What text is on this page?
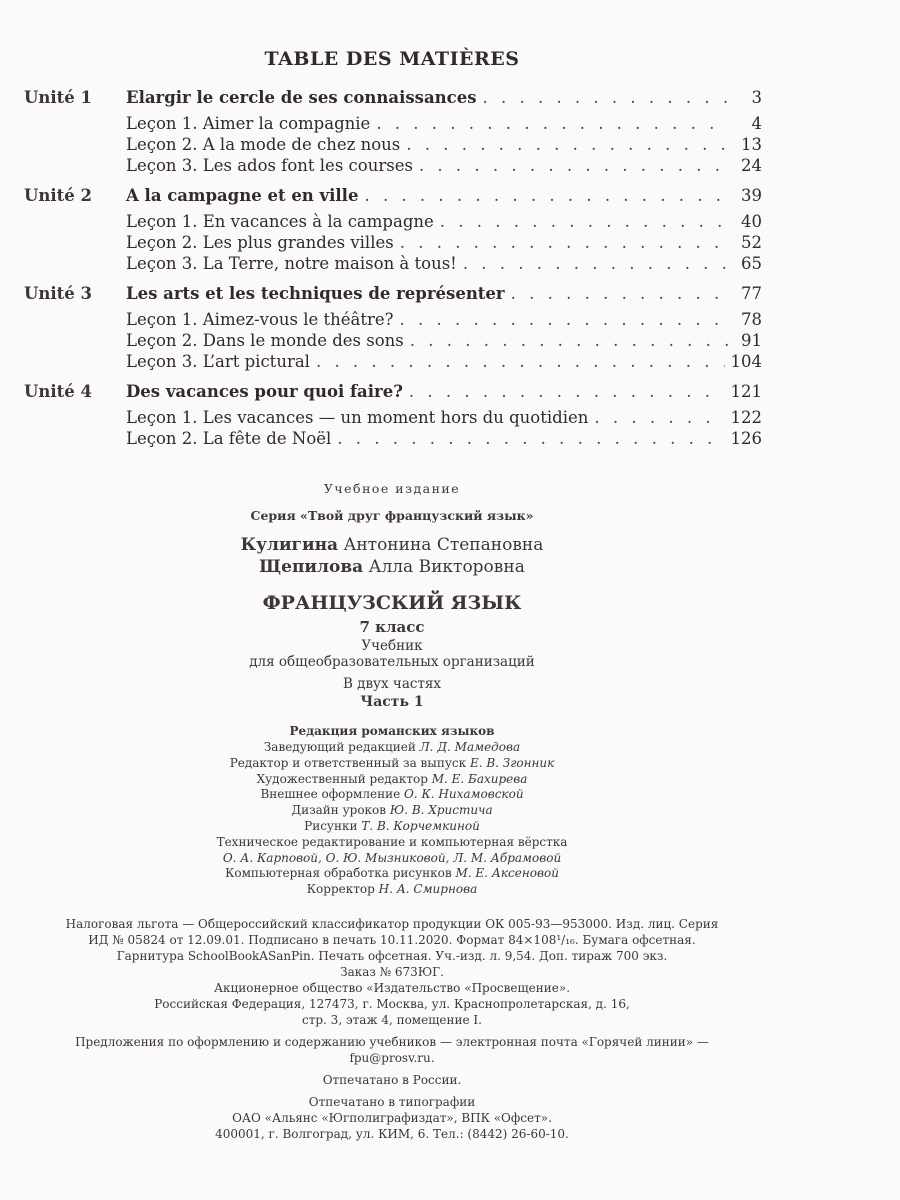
TABLE DES MATIÈRES
Unité 1	Elargir le cercle de ses connaissances . . .	3
Leçon 1. Aimer la compagnie . . .	4
Leçon 2. A la mode de chez nous . . .	13
Leçon 3. Les ados font les courses . . .	24
Unité 2	A la campagne et en ville . . .	39
Leçon 1. En vacances à la campagne . . .	40
Leçon 2. Les plus grandes villes . . .	52
Leçon 3. La Terre, notre maison à tous! . . .	65
Unité 3	Les arts et les techniques de représenter . . .	77
Leçon 1. Aimez-vous le théâtre? . . .	78
Leçon 2. Dans le monde des sons . . .	91
Leçon 3. L’art pictural . . .	104
Unité 4	Des vacances pour quoi faire? . . .	121
Leçon 1. Les vacances — un moment hors du quotidien . . .	122
Leçon 2. La fête de Noël . . .	126
Учебное издание
Серия «Твой друг французский язык»
Кулигина Антонина Степановна
Щепилова Алла Викторовна
ФРАНЦУЗСКИЙ ЯЗЫК
7 класс
Учебник
для общеобразовательных организаций
В двух частях
Часть 1
Редакция романских языков
Заведующий редакцией Л. Д. Мамедова
Редактор и ответственный за выпуск Е. В. Згонник
Художественный редактор М. Е. Бахирева
Внешнее оформление О. К. Нихамовской
Дизайн уроков Ю. В. Христича
Рисунки Т. В. Корчемкиной
Техническое редактирование и компьютерная вёрстка
О. А. Карповой, О. Ю. Мызниковой, Л. М. Абрамовой
Компьютерная обработка рисунков М. Е. Аксеновой
Корректор Н. А. Смирнова
Налоговая льгота — Общероссийский классификатор продукции ОК 005-93—953000. Изд. лиц. Серия
ИД № 05824 от 12.09.01. Подписано в печать 10.11.2020. Формат 84×108¹/₁₆. Бумага офсетная.
Гарнитура SchoolBookASanPin. Печать офсетная. Уч.-изд. л. 9,54. Доп. тираж 700 экз.
Заказ № 673ЮГ.
Акционерное общество «Издательство «Просвещение».
Российская Федерация, 127473, г. Москва, ул. Краснопролетарская, д. 16,
стр. 3, этаж 4, помещение I.
Предложения по оформлению и содержанию учебников — электронная почта «Горячей линии» —
fpu@prosv.ru.
Отпечатано в России.
Отпечатано в типографии
ОАО «Альянс «Югполиграфиздат», ВПК «Офсет».
400001, г. Волгоград, ул. КИМ, 6. Тел.: (8442) 26-60-10.
